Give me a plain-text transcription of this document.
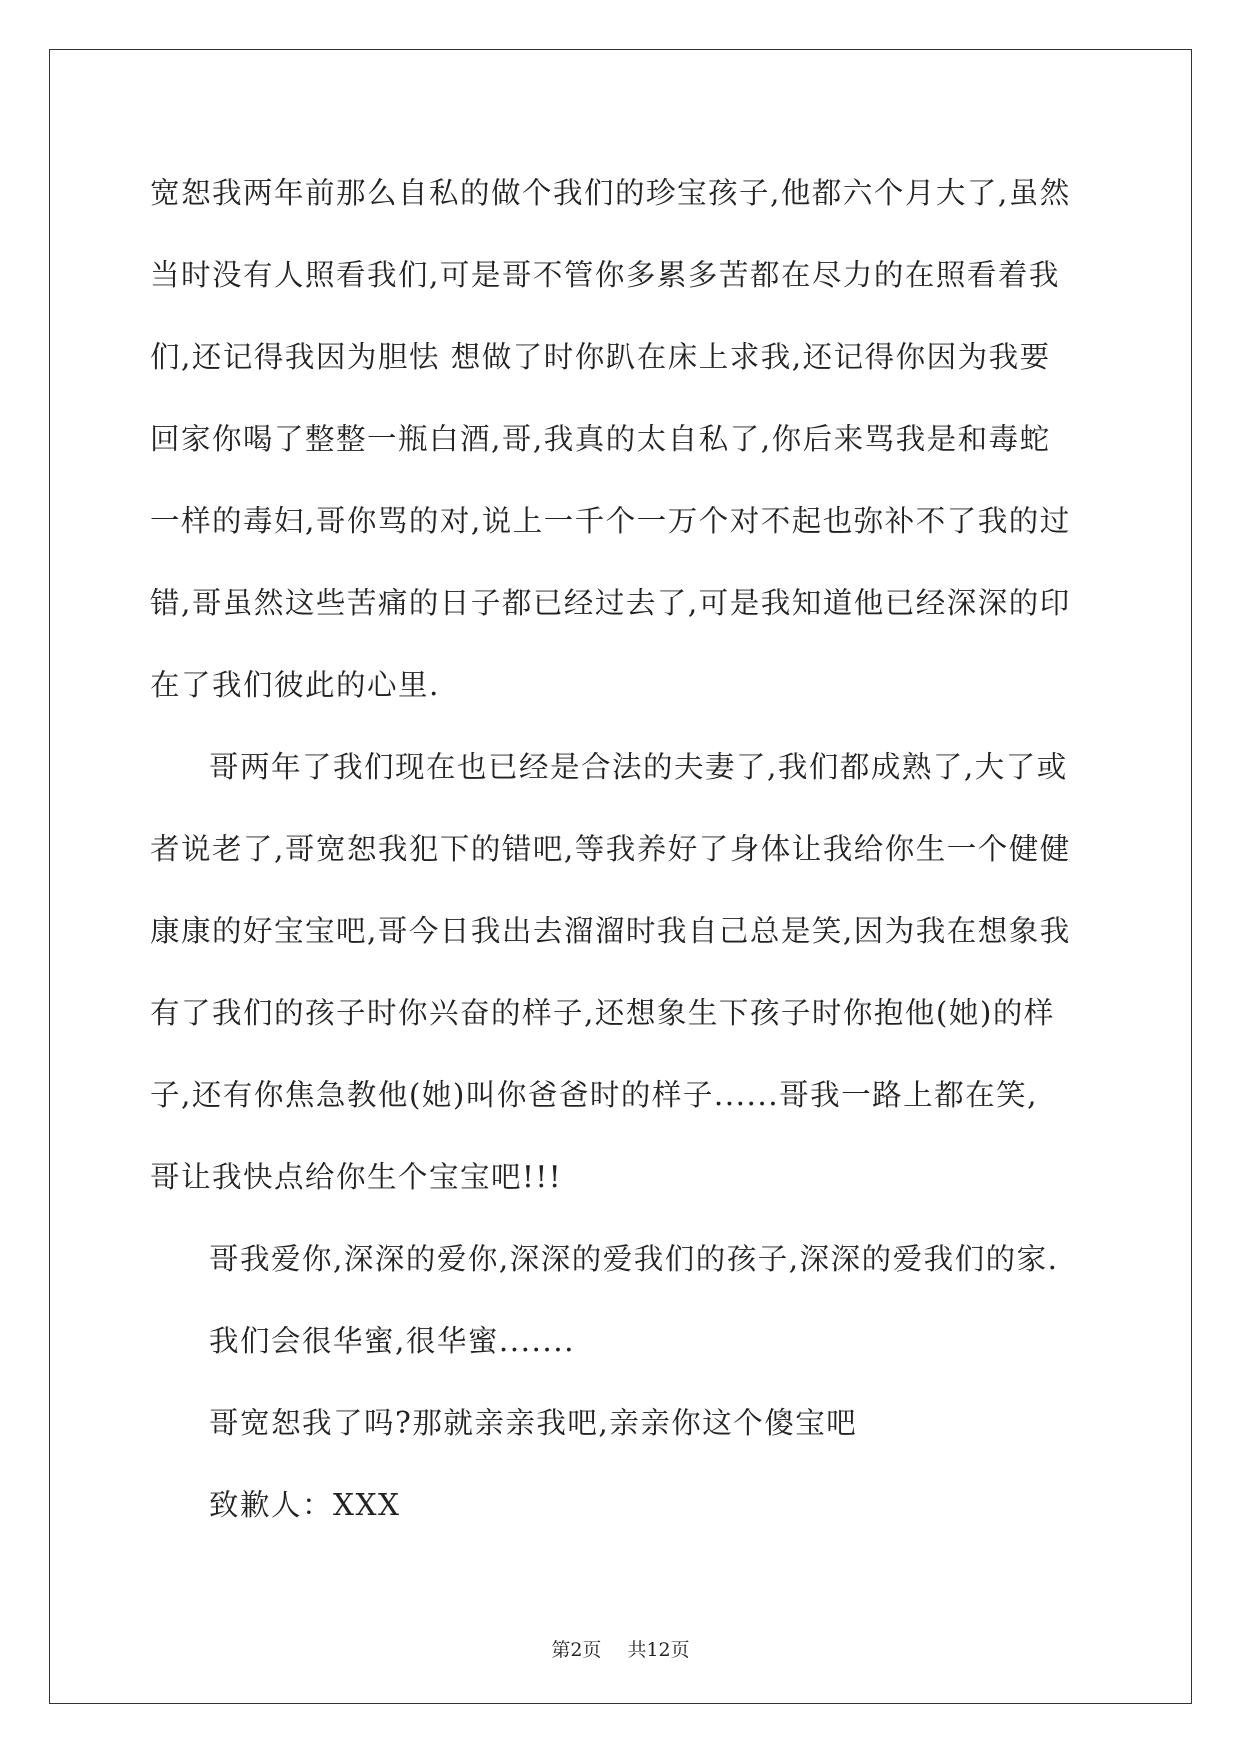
宽恕我两年前那么自私的做个我们的珍宝孩子,他都六个月大了,虽然
当时没有人照看我们,可是哥不管你多累多苦都在尽力的在照看着我
们,还记得我因为胆怯 想做了时你趴在床上求我,还记得你因为我要
回家你喝了整整一瓶白酒,哥,我真的太自私了,你后来骂我是和毒蛇
一样的毒妇,哥你骂的对,说上一千个一万个对不起也弥补不了我的过
错,哥虽然这些苦痛的日子都已经过去了,可是我知道他已经深深的印
在了我们彼此的心里.

哥两年了我们现在也已经是合法的夫妻了,我们都成熟了,大了或
者说老了,哥宽恕我犯下的错吧,等我养好了身体让我给你生一个健健
康康的好宝宝吧,哥今日我出去溜溜时我自己总是笑,因为我在想象我
有了我们的孩子时你兴奋的样子,还想象生下孩子时你抱他(她)的样
子,还有你焦急教他(她)叫你爸爸时的样子......哥我一路上都在笑,
哥让我快点给你生个宝宝吧!!!

哥我爱你,深深的爱你,深深的爱我们的孩子,深深的爱我们的家.

我们会很华蜜,很华蜜.......

哥宽恕我了吗?那就亲亲我吧,亲亲你这个傻宝吧

致歉人：XXX

第2页 共12页
